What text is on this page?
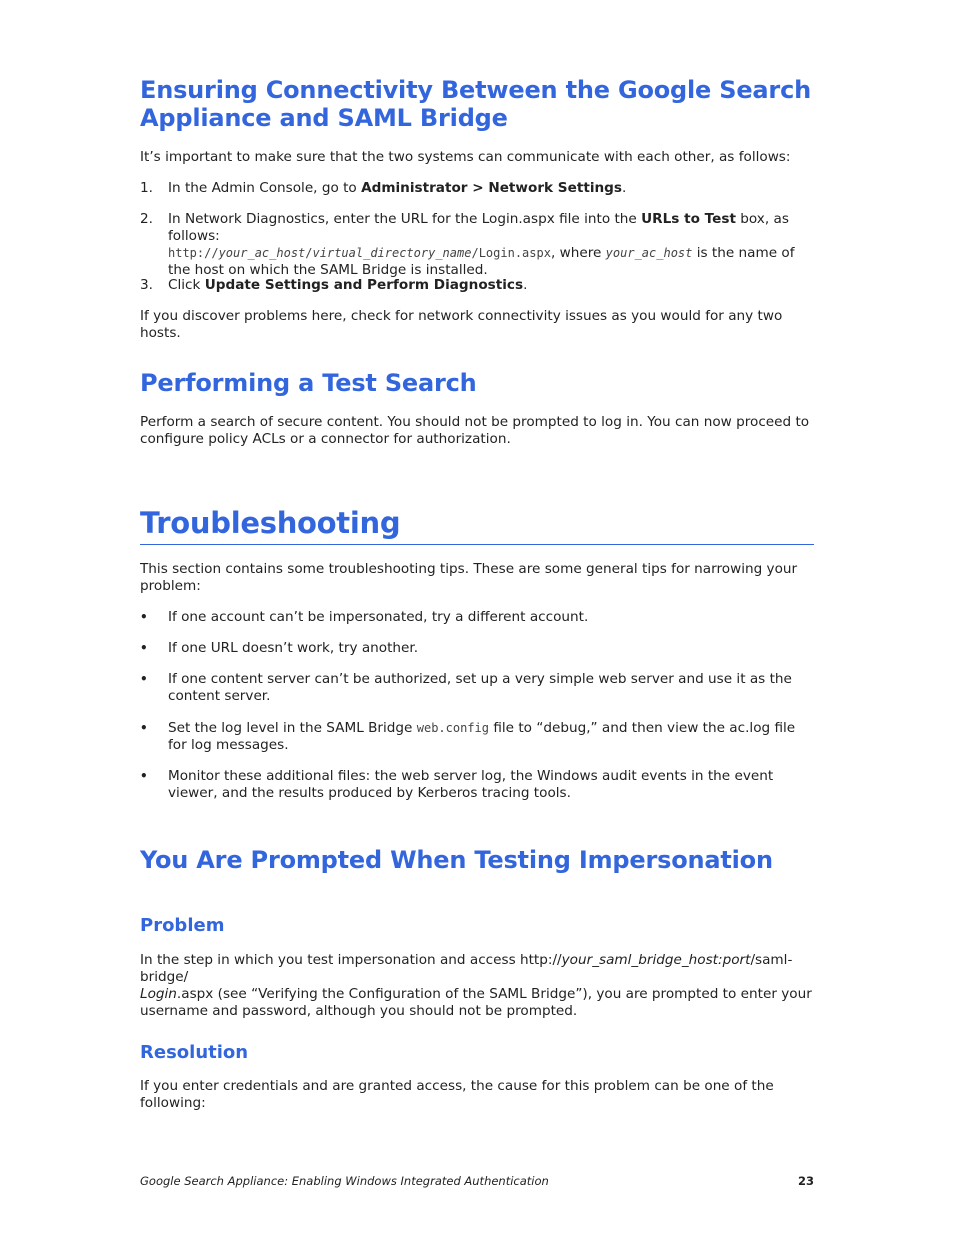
Ensuring Connectivity Between the Google Search
Appliance and SAML Bridge

It’s important to make sure that the two systems can communicate with each other, as follows:

1.	In the Admin Console, go to Administrator > Network Settings.
2.	In Network Diagnostics, enter the URL for the Login.aspx file into the URLs to Test box, as follows:
http://your_ac_host/virtual_directory_name/Login.aspx, where your_ac_host is the name of the host on which the SAML Bridge is installed.
3.	Click Update Settings and Perform Diagnostics.

If you discover problems here, check for network connectivity issues as you would for any two hosts.

Performing a Test Search

Perform a search of secure content. You should not be prompted to log in. You can now proceed to configure policy ACLs or a connector for authorization.

Troubleshooting

This section contains some troubleshooting tips. These are some general tips for narrowing your problem:

•	If one account can’t be impersonated, try a different account.
•	If one URL doesn’t work, try another.
•	If one content server can’t be authorized, set up a very simple web server and use it as the content server.
•	Set the log level in the SAML Bridge web.config file to “debug,” and then view the ac.log file for log messages.
•	Monitor these additional files: the web server log, the Windows audit events in the event viewer, and the results produced by Kerberos tracing tools.
You Are Prompted When Testing Impersonation
Problem

In the step in which you test impersonation and access http://your_saml_bridge_host:port/saml-bridge/
Login.aspx (see “Verifying the Configuration of the SAML Bridge”), you are prompted to enter your username and password, although you should not be prompted.

Resolution

If you enter credentials and are granted access, the cause for this problem can be one of the following:

Google Search Appliance: Enabling Windows Integrated Authentication	23
